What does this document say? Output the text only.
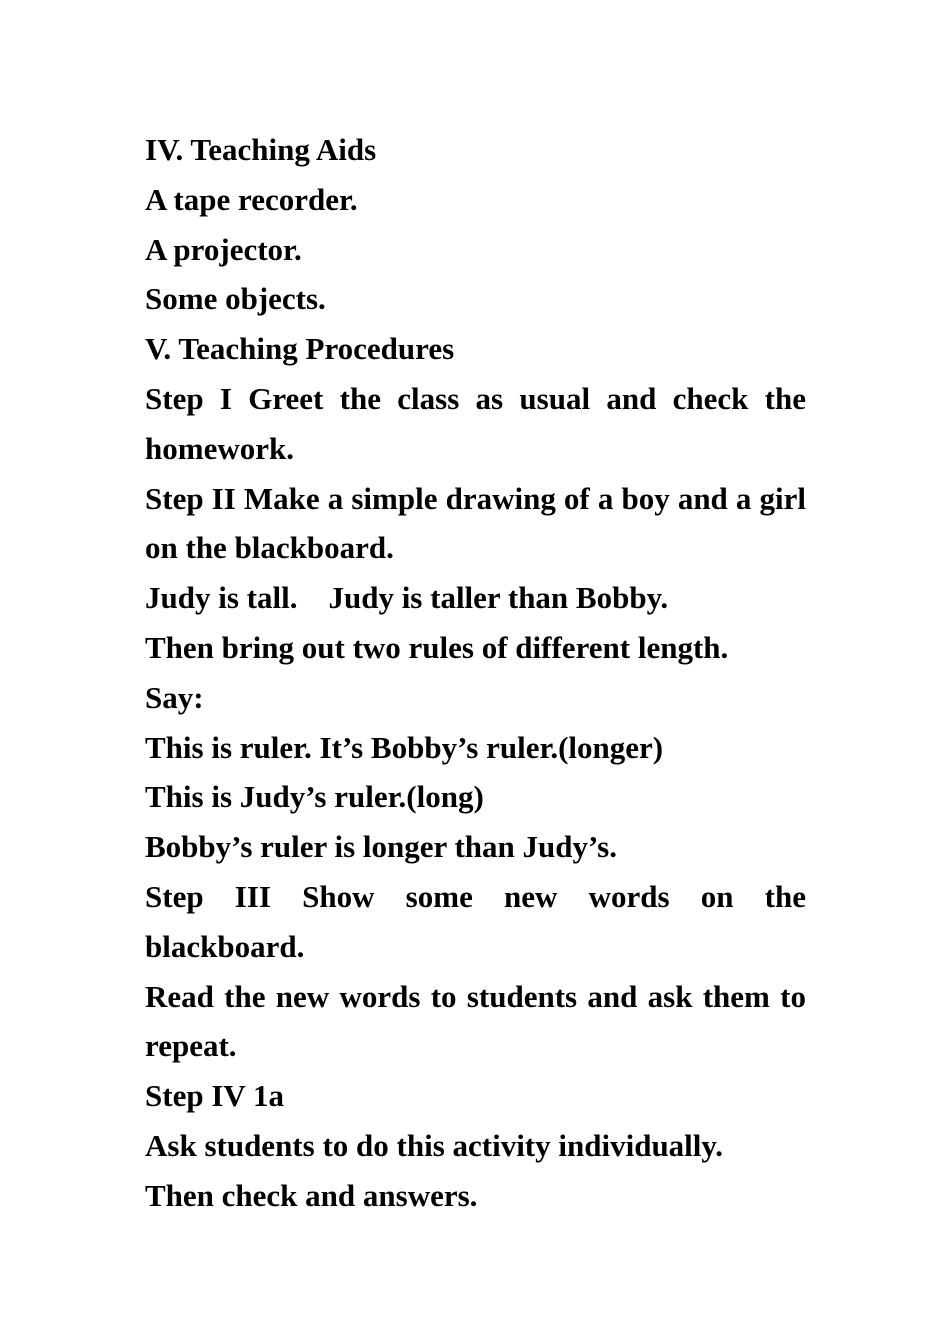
IV. Teaching Aids

A tape recorder.

A projector.

Some objects.

V. Teaching Procedures

Step I Greet the class as usual and check the homework.

Step II Make a simple drawing of a boy and a girl on the blackboard.

Judy is tall.    Judy is taller than Bobby.

Then bring out two rules of different length.

Say:

This is ruler. It’s Bobby’s ruler.(longer)

This is Judy’s ruler.(long)

Bobby’s ruler is longer than Judy’s.

Step III Show some new words on the blackboard.

Read the new words to students and ask them to repeat.

Step IV 1a

Ask students to do this activity individually.

Then check and answers.
